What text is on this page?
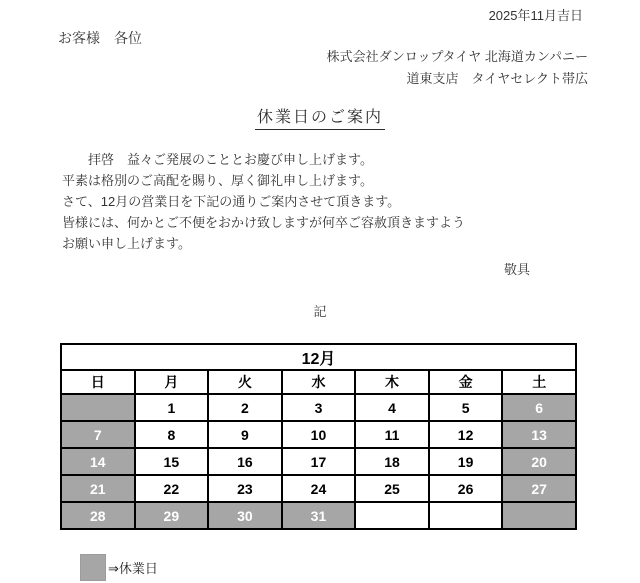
2025年11月吉日
お客様　各位
株式会社ダンロップタイヤ 北海道カンパニー
道東支店　タイヤセレクト帯広
休業日のご案内
拝啓　益々ご発展のこととお慶び申し上げます。
平素は格別のご高配を賜り、厚く御礼申し上げます。
さて、12月の営業日を下記の通りご案内させて頂きます。
皆様には、何かとご不便をおかけ致しますが何卒ご容赦頂きますよう
お願い申し上げます。
敬具
記
12月						
日	月	火	水	木	金	土
	1	2	3	4	5	6
7	8	9	10	11	12	13
14	15	16	17	18	19	20
21	22	23	24	25	26	27
28	29	30	31			
⇒休業日
